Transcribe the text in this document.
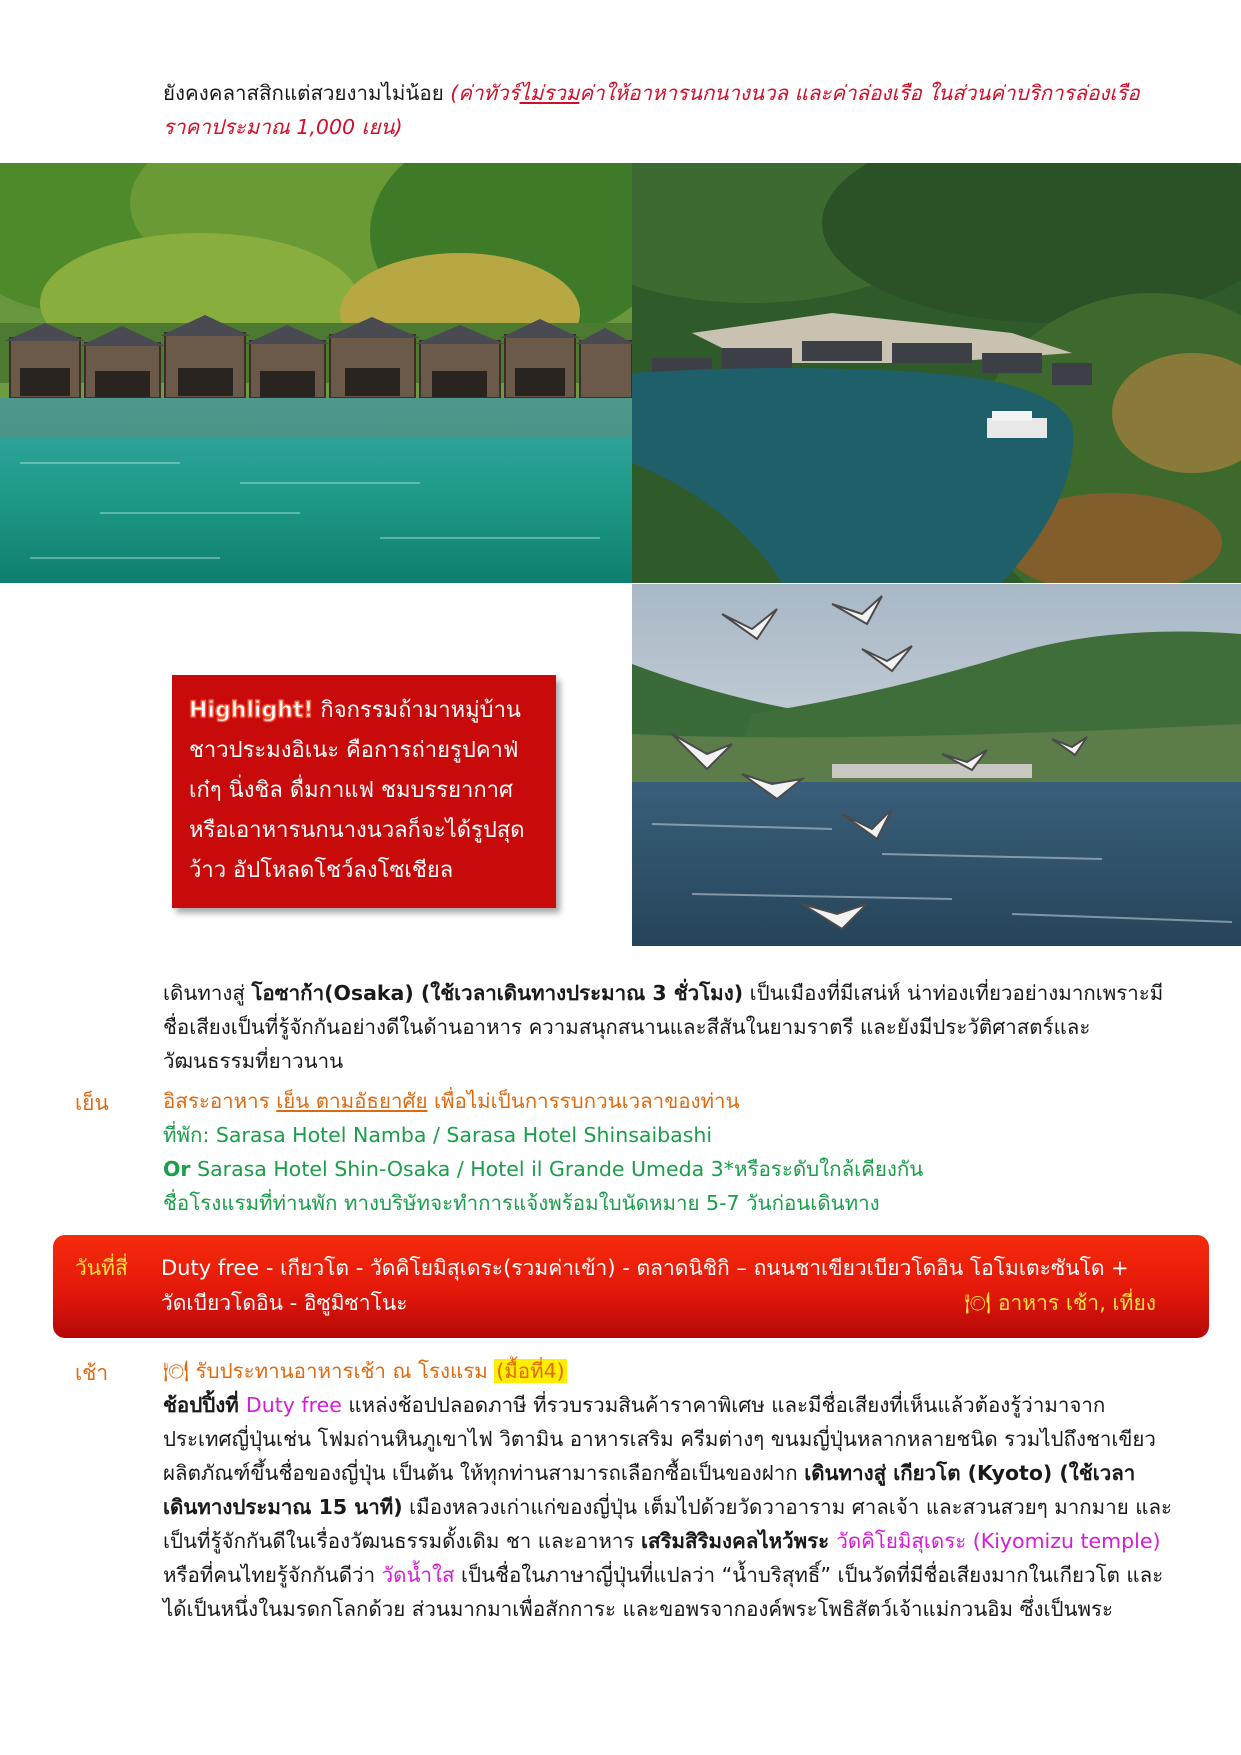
ยังคงคลาสสิกแต่สวยงามไม่น้อย (ค่าทัวร์ไม่รวมค่าให้อาหารนกนางนวล และค่าล่องเรือ ในส่วนค่าบริการล่องเรือ
ราคาประมาณ 1,000 เยน)
Highlight! กิจกรรมถ้ามาหมู่บ้าน
ชาวประมงอิเนะ คือการถ่ายรูปคาฟ่
เก๋ๆ นิ่งชิล ดื่มกาแฟ ชมบรรยากาศ
หรือเอาหารนกนางนวลก็จะได้รูปสุด
ว้าว อัปโหลดโชว์ลงโซเชียล
เดินทางสู่ โอซาก้า(Osaka) (ใช้เวลาเดินทางประมาณ 3 ชั่วโมง) เป็นเมืองที่มีเสน่ห์ น่าท่องเที่ยวอย่างมากเพราะมี
ชื่อเสียงเป็นที่รู้จักกันอย่างดีในด้านอาหาร ความสนุกสนานและสีสันในยามราตรี และยังมีประวัติศาสตร์และ
วัฒนธรรมที่ยาวนาน
เย็น	อิสระอาหาร เย็น ตามอัธยาศัย เพื่อไม่เป็นการรบกวนเวลาของท่าน
ที่พัก: Sarasa Hotel Namba / Sarasa Hotel Shinsaibashi
Or Sarasa Hotel Shin-Osaka / Hotel il Grande Umeda 3*หรือระดับใกล้เคียงกัน
ชื่อโรงแรมที่ท่านพัก ทางบริษัทจะทำการแจ้งพร้อมใบนัดหมาย 5-7 วันก่อนเดินทาง
วันที่สี่ Duty free - เกียวโต - วัดคิโยมิสุเดระ(รวมค่าเข้า) - ตลาดนิชิกิ – ถนนชาเขียวเบียวโดอิน โอโมเตะซันโด +
วัดเบียวโดอิน - อิซูมิซาโนะ	🍽 อาหาร เช้า, เที่ยง
เช้า	🍽 รับประทานอาหารเช้า ณ โรงแรม (มื้อที่4)
ช้อปปิ้งที่ Duty free แหล่งช้อปปลอดภาษี ที่รวบรวมสินค้าราคาพิเศษ และมีชื่อเสียงที่เห็นแล้วต้องรู้ว่ามาจาก
ประเทศญี่ปุ่นเช่น โฟมถ่านหินภูเขาไฟ วิตามิน อาหารเสริม ครีมต่างๆ ขนมญี่ปุ่นหลากหลายชนิด รวมไปถึงชาเขียว
ผลิตภัณฑ์ขึ้นชื่อของญี่ปุ่น เป็นต้น ให้ทุกท่านสามารถเลือกซื้อเป็นของฝาก เดินทางสู่ เกียวโต (Kyoto) (ใช้เวลา
เดินทางประมาณ 15 นาที) เมืองหลวงเก่าแก่ของญี่ปุ่น เต็มไปด้วยวัดวาอาราม ศาลเจ้า และสวนสวยๆ มากมาย และ
เป็นที่รู้จักกันดีในเรื่องวัฒนธรรมดั้งเดิม ชา และอาหาร เสริมสิริมงคลไหว้พระ วัดคิโยมิสุเดระ (Kiyomizu temple)
หรือที่คนไทยรู้จักกันดีว่า วัดน้ำใส เป็นชื่อในภาษาญี่ปุ่นที่แปลว่า “น้ำบริสุทธิ์” เป็นวัดที่มีชื่อเสียงมากในเกียวโต และ
ได้เป็นหนึ่งในมรดกโลกด้วย ส่วนมากมาเพื่อสักการะ และขอพรจากองค์พระโพธิสัตว์เจ้าแม่กวนอิม ซึ่งเป็นพระ
